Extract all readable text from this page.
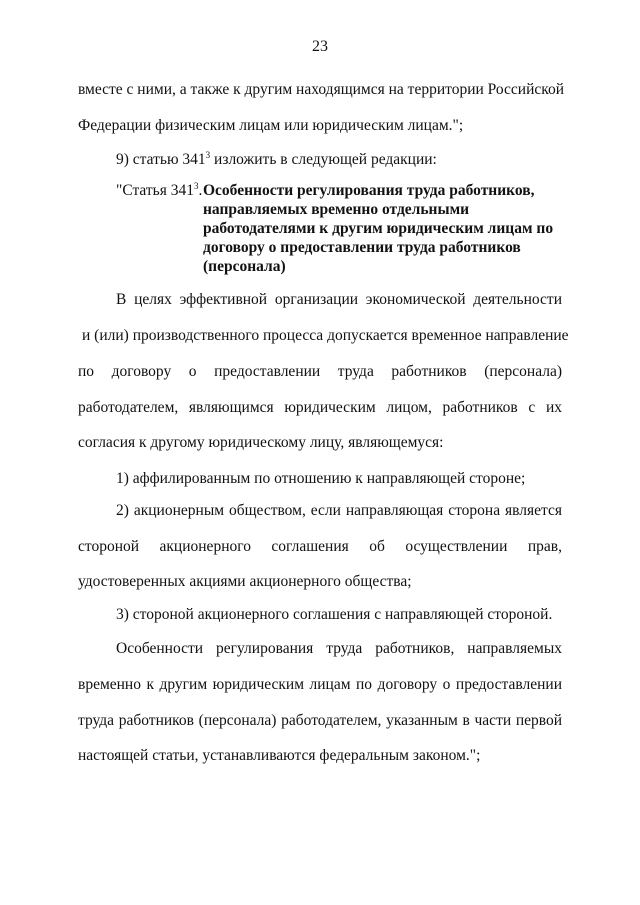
23
вместе с ними, а также к другим находящимся на территории Российской
Федерации физическим лицам или юридическим лицам.";
9) статью $341^3$ изложить в следующей редакции:
"Статья $341^3$. Особенности регулирования труда работников,
направляемых временно отдельными
работодателями к другим юридическим лицам по
договору о предоставлении труда работников
(персонала)
В целях эффективной организации экономической деятельности
и (или) производственного процесса допускается временное направление
по договору о предоставлении труда работников (персонала)
работодателем, являющимся юридическим лицом, работников с их
согласия к другому юридическому лицу, являющемуся:
1) аффилированным по отношению к направляющей стороне;
2) акционерным обществом, если направляющая сторона является
стороной акционерного соглашения об осуществлении прав,
удостоверенных акциями акционерного общества;
3) стороной акционерного соглашения с направляющей стороной.
Особенности регулирования труда работников, направляемых
временно к другим юридическим лицам по договору о предоставлении
труда работников (персонала) работодателем, указанным в части первой
настоящей статьи, устанавливаются федеральным законом.";
